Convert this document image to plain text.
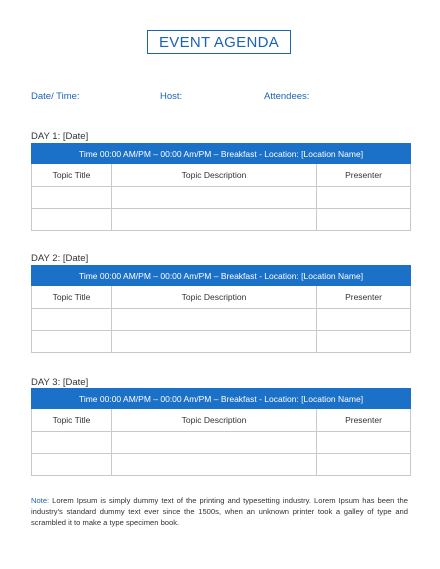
EVENT AGENDA
Date/ Time:	Host:	Attendees:
DAY 1: [Date]
Time 00:00 AM/PM – 00:00 Am/PM – Breakfast - Location: [Location Name]		
Topic Title	Topic Description	Presenter

DAY 2: [Date]
Time 00:00 AM/PM – 00:00 Am/PM – Breakfast - Location: [Location Name]		
Topic Title	Topic Description	Presenter

DAY 3: [Date]
Time 00:00 AM/PM – 00:00 Am/PM – Breakfast - Location: [Location Name]		
Topic Title	Topic Description	Presenter

Note: Lorem Ipsum is simply dummy text of the printing and typesetting industry. Lorem Ipsum has been the industry's standard dummy text ever since the 1500s, when an unknown printer took a galley of type and scrambled it to make a type specimen book.
